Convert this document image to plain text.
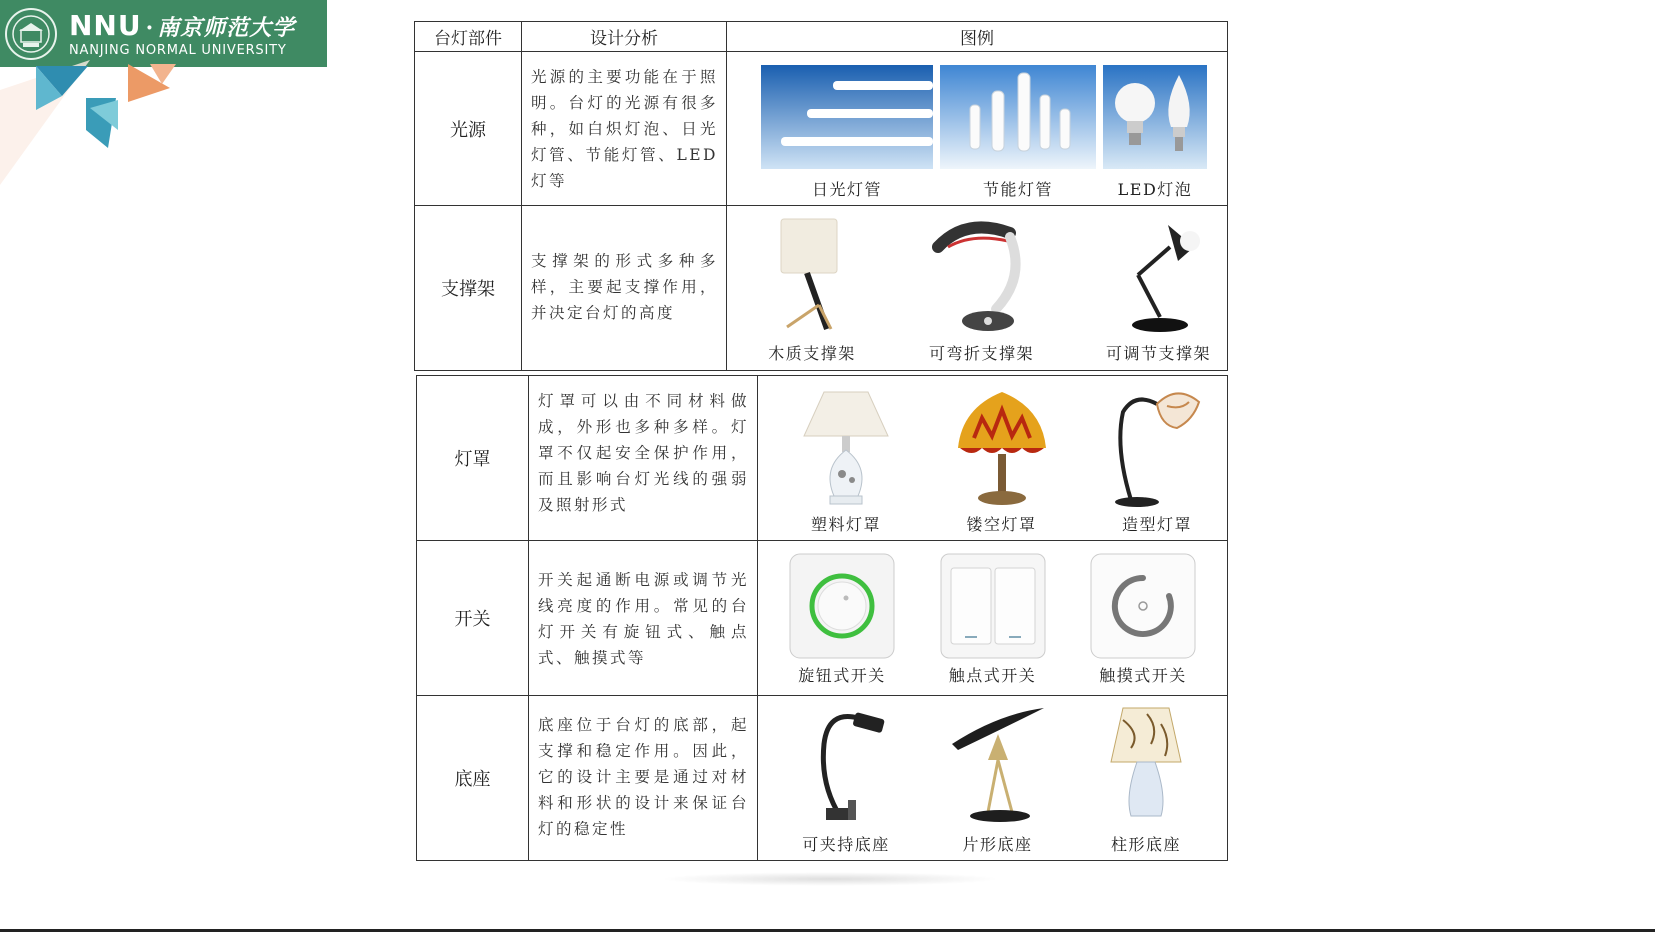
NNU · 南京师范大学
NANJING NORMAL UNIVERSITY
台灯部件	设计分析	图例
光源	光源的主要功能在于照明。台灯的光源有很多种，如白炽灯泡、日光灯管、节能灯管、LED灯等	日光灯管 节能灯管 LED灯泡

支撑架	支撑架的形式多种多样，主要起支撑作用，并决定台灯的高度	木质支撑架 可弯折支撑架 可调节支撑架
灯罩	灯罩可以由不同材料做成，外形也多种多样。灯罩不仅起安全保护作用，而且影响台灯光线的强弱及照射形式	塑料灯罩 镂空灯罩 造型灯罩

开关	开关起通断电源或调节光线亮度的作用。常见的台灯开关有旋钮式、触点式、触摸式等	旋钮式开关 触点式开关 触摸式开关

底座	底座位于台灯的底部，起支撑和稳定作用。因此，它的设计主要是通过对材料和形状的设计来保证台灯的稳定性	可夹持底座 片形底座 柱形底座
